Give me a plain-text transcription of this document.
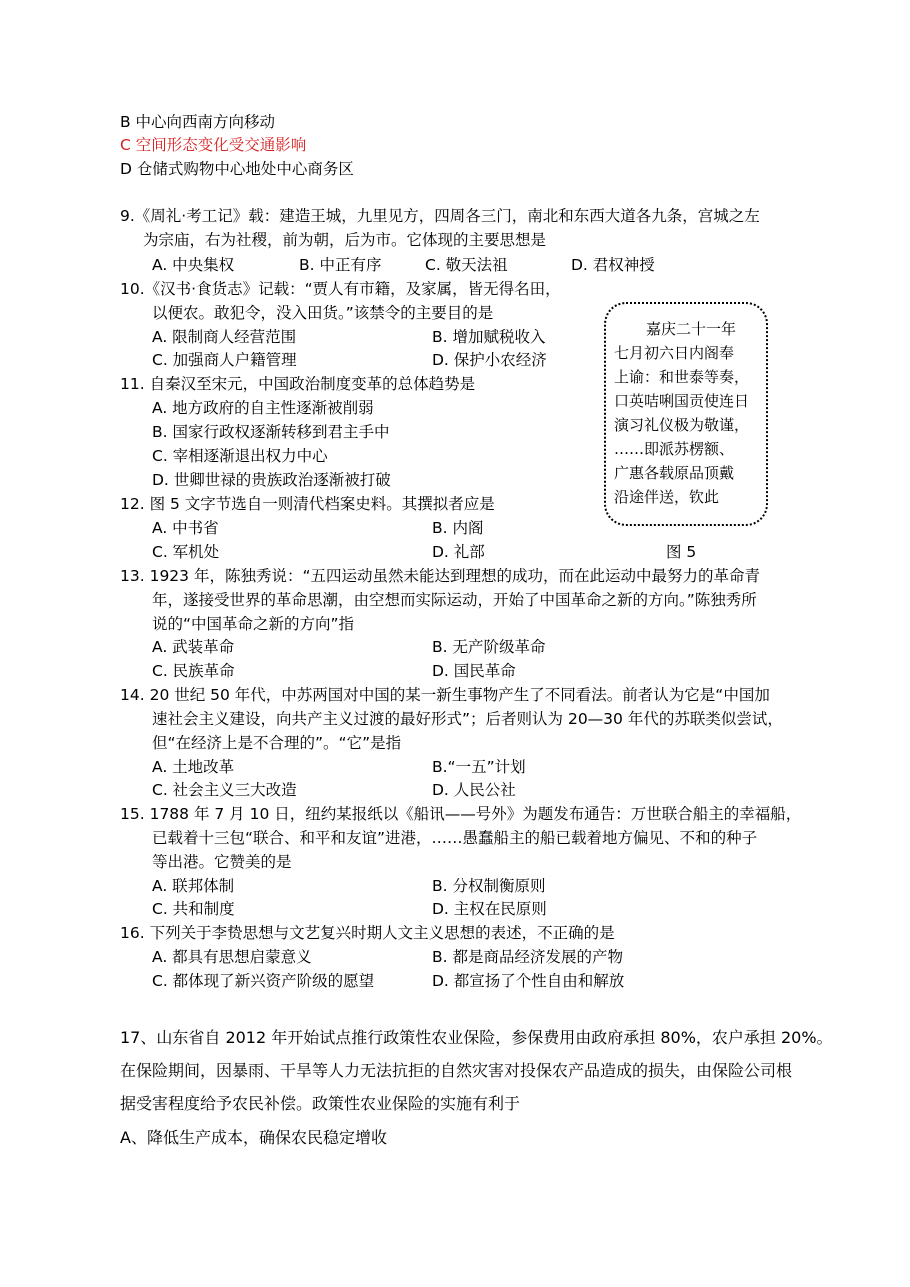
B 中心向西南方向移动
C 空间形态变化受交通影响
D 仓储式购物中心地处中心商务区
9.《周礼·考工记》载：建造王城，九里见方，四周各三门，南北和东西大道各九条，宫城之左
为宗庙，右为社稷，前为朝，后为市。它体现的主要思想是
A. 中央集权	B. 中正有序	C. 敬天法祖	D. 君权神授
10.《汉书·食货志》记载：“贾人有市籍，及家属，皆无得名田，
以便农。敢犯令，没入田货。”该禁令的主要目的是
A. 限制商人经营范围	B. 增加赋税收入
C. 加强商人户籍管理	D. 保护小农经济
11. 自秦汉至宋元，中国政治制度变革的总体趋势是
A. 地方政府的自主性逐渐被削弱
B. 国家行政权逐渐转移到君主手中
C. 宰相逐渐退出权力中心
D. 世卿世禄的贵族政治逐渐被打破
12. 图 5 文字节选自一则清代档案史料。其撰拟者应是
A. 中书省	B. 内阁
C. 军机处	D. 礼部
嘉庆二十一年
七月初六日内阁奉
上谕：和世泰等奏，
口英咭唎国贡使连日
演习礼仪极为敬谨，
……即派苏楞额、
广惠各载原品顶戴
沿途伴送，钦此
图 5
13. 1923 年，陈独秀说：“五四运动虽然未能达到理想的成功，而在此运动中最努力的革命青
年，遂接受世界的革命思潮，由空想而实际运动，开始了中国革命之新的方向。”陈独秀所
说的“中国革命之新的方向”指
A. 武装革命	B. 无产阶级革命
C. 民族革命	D. 国民革命
14. 20 世纪 50 年代，中苏两国对中国的某一新生事物产生了不同看法。前者认为它是“中国加
速社会主义建设，向共产主义过渡的最好形式”；后者则认为 20—30 年代的苏联类似尝试，
但“在经济上是不合理的”。“它”是指
A. 土地改革	B.“一五”计划
C. 社会主义三大改造	D. 人民公社
15. 1788 年 7 月 10 日，纽约某报纸以《船讯——号外》为题发布通告：万世联合船主的幸福船，
已载着十三包“联合、和平和友谊”进港，……愚蠢船主的船已载着地方偏见、不和的种子
等出港。它赞美的是
A. 联邦体制	B. 分权制衡原则
C. 共和制度	D. 主权在民原则
16. 下列关于李贽思想与文艺复兴时期人文主义思想的表述，不正确的是
A. 都具有思想启蒙意义	B. 都是商品经济发展的产物
C. 都体现了新兴资产阶级的愿望	D. 都宣扬了个性自由和解放
17、山东省自 2012 年开始试点推行政策性农业保险，参保费用由政府承担 80%，农户承担 20%。
在保险期间，因暴雨、干旱等人力无法抗拒的自然灾害对投保农产品造成的损失，由保险公司根
据受害程度给予农民补偿。政策性农业保险的实施有利于
A、降低生产成本，确保农民稳定增收
